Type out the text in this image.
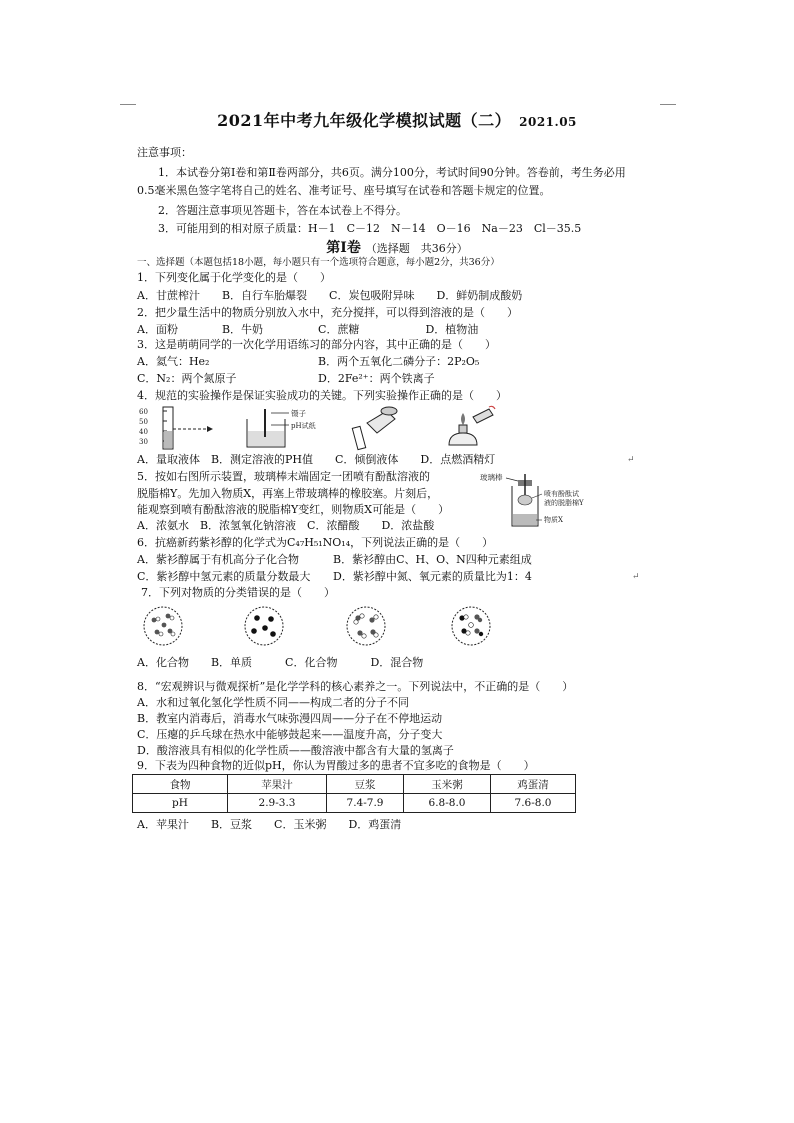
2021年中考九年级化学模拟试题（二） 2021.05
注意事项：
1．本试卷分第Ⅰ卷和第Ⅱ卷两部分，共6页。满分100分，考试时间90分钟。答卷前，考生务必用
0.5毫米黑色签字笔将自己的姓名、准考证号、座号填写在试卷和答题卡规定的位置。
2．答题注意事项见答题卡，答在本试卷上不得分。
3．可能用到的相对原子质量：H－1　C－12　N－14　O－16　Na－23　Cl－35.5
第Ⅰ卷 （选择题　共36分）
一、选择题（本题包括18小题，每小题只有一个选项符合题意，每小题2分，共36分）
1．下列变化属于化学变化的是（　　）
A．甘蔗榨汁　　B．自行车胎爆裂　　C．炭包吸附异味　　D．鲜奶制成酸奶
2．把少量生活中的物质分别放入水中，充分搅拌，可以得到溶液的是（　　）
A．面粉　　　　B．牛奶　　　　　C．蔗糖　　　　　　D．植物油
3．这是萌萌同学的一次化学用语练习的部分内容，其中正确的是（　　）
A．氦气：He₂	B．两个五氧化二磷分子：2P₂O₅
C．N₂：两个氮原子	D．2Fe²⁺：两个铁离子
4．规范的实验操作是保证实验成功的关键。下列实验操作正确的是（　　）
60
50
40
30
镊子
pH试纸
A．量取液体　B．测定溶液的PH值　　C．倾倒液体　　D．点燃酒精灯	↵
5．按如右图所示装置，玻璃棒末端固定一团喷有酚酞溶液的
脱脂棉Y。先加入物质X，再塞上带玻璃棒的橡胶塞。片刻后，
能观察到喷有酚酞溶液的脱脂棉Y变红，则物质X可能是（　　）
A．浓氨水　B．浓氢氧化钠溶液　C．浓醋酸　　D．浓盐酸
玻璃棒
喷有酚酞试
液的脱脂棉Y
物质X
6．抗癌新药紫衫醇的化学式为C₄₇H₅₁NO₁₄，下列说法正确的是（　　）
A．紫衫醇属于有机高分子化合物	B．紫衫醇由C、H、O、N四种元素组成
C．紫衫醇中氢元素的质量分数最大 D．紫衫醇中氮、氧元素的质量比为1：4	↵
7．下列对物质的分类错误的是（　　）
A．化合物　　B．单质　　　C．化合物　　　D．混合物
8．“宏观辨识与微观探析”是化学学科的核心素养之一。下列说法中，不正确的是（　　）
A．水和过氧化氢化学性质不同——构成二者的分子不同
B．教室内消毒后，消毒水气味弥漫四周——分子在不停地运动
C．压瘪的乒乓球在热水中能够鼓起来——温度升高，分子变大
D．酸溶液具有相似的化学性质——酸溶液中都含有大量的氢离子
9．下表为四种食物的近似pH，你认为胃酸过多的患者不宜多吃的食物是（　　）
食物	苹果汁	豆浆	玉米粥	鸡蛋清
pH	2.9-3.3	7.4-7.9	6.8-8.0	7.6-8.0
A．苹果汁　　B．豆浆　　C．玉米粥　　D．鸡蛋清
